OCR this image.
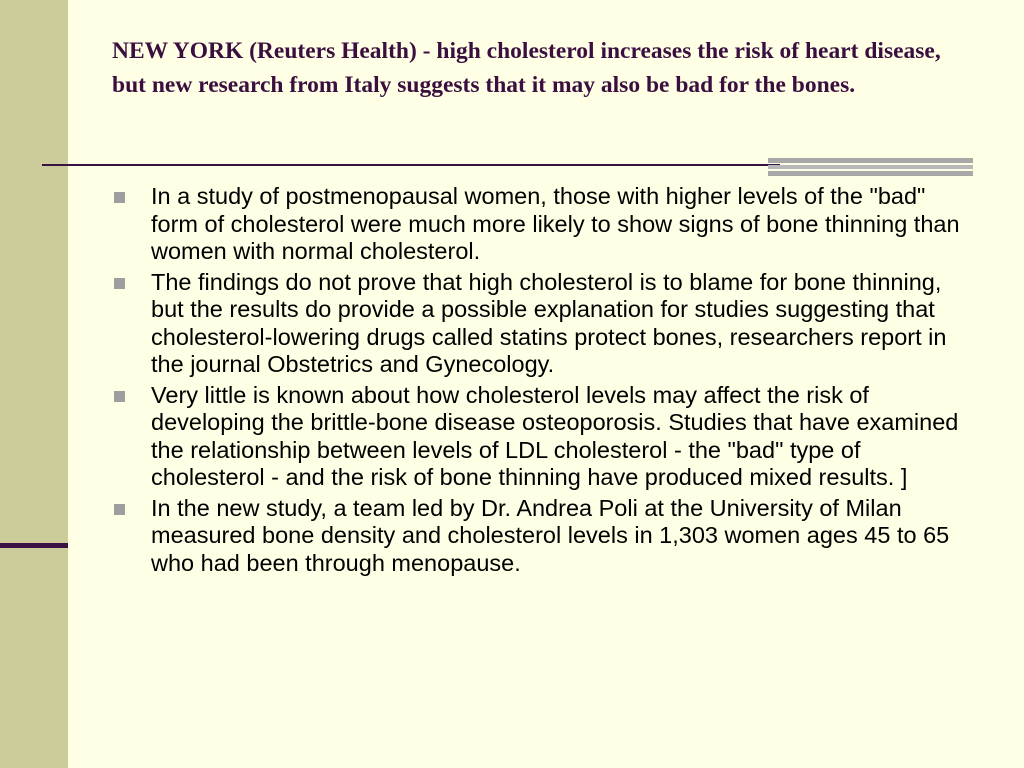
NEW YORK (Reuters Health) - high cholesterol increases the risk of heart disease, but new research from Italy suggests that it may also be bad for the bones.
In a study of postmenopausal women, those with higher levels of the "bad" form of cholesterol were much more likely to show signs of bone thinning than women with normal cholesterol.
The findings do not prove that high cholesterol is to blame for bone thinning, but the results do provide a possible explanation for studies suggesting that cholesterol-lowering drugs called statins protect bones, researchers report in the journal Obstetrics and Gynecology.
Very little is known about how cholesterol levels may affect the risk of developing the brittle-bone disease osteoporosis. Studies that have examined the relationship between levels of LDL cholesterol - the "bad" type of cholesterol - and the risk of bone thinning have produced mixed results. ]
In the new study, a team led by Dr. Andrea Poli at the University of Milan measured bone density and cholesterol levels in 1,303 women ages 45 to 65 who had been through menopause.
